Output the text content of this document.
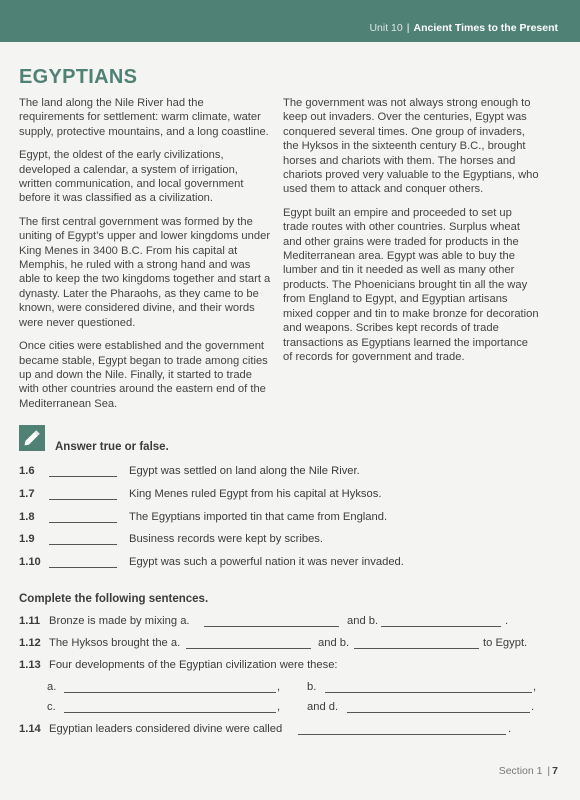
Unit 10 | Ancient Times to the Present
EGYPTIANS

The land along the Nile River had the requirements for settlement: warm climate, water supply, protective mountains, and a long coastline.

Egypt, the oldest of the early civilizations, developed a calendar, a system of irrigation, written communication, and local government before it was classified as a civilization.

The first central government was formed by the uniting of Egypt’s upper and lower kingdoms under King Menes in 3400 B.C. From his capital at Memphis, he ruled with a strong hand and was able to keep the two kingdoms together and start a dynasty. Later the Pharaohs, as they came to be known, were considered divine, and their words were never questioned.

Once cities were established and the government became stable, Egypt began to trade among cities up and down the Nile. Finally, it started to trade with other countries around the eastern end of the Mediterranean Sea.

The government was not always strong enough to keep out invaders. Over the centuries, Egypt was conquered several times. One group of invaders, the Hyksos in the sixteenth century B.C., brought horses and chariots with them. The horses and chariots proved very valuable to the Egyptians, who used them to attack and conquer others.

Egypt built an empire and proceeded to set up trade routes with other countries. Surplus wheat and other grains were traded for products in the Mediterranean area. Egypt was able to buy the lumber and tin it needed as well as many other products. The Phoenicians brought tin all the way from England to Egypt, and Egyptian artisans mixed copper and tin to make bronze for decoration and weapons. Scribes kept records of trade transactions as Egyptians learned the importance of records for government and trade.

Answer true or false.
1.6	Egypt was settled on land along the Nile River.
1.7	King Menes ruled Egypt from his capital at Hyksos.
1.8	The Egyptians imported tin that came from England.
1.9	Business records were kept by scribes.
1.10	Egypt was such a powerful nation it was never invaded.
Complete the following sentences.
1.11 Bronze is made by mixing a.	and b.	.
1.12 The Hyksos brought the a.	and b.	to Egypt.
1.13 Four developments of the Egyptian civilization were these:
a.	, b.	,
c.	, and d.	.
1.14 Egyptian leaders considered divine were called	.
Section 1 | 7
